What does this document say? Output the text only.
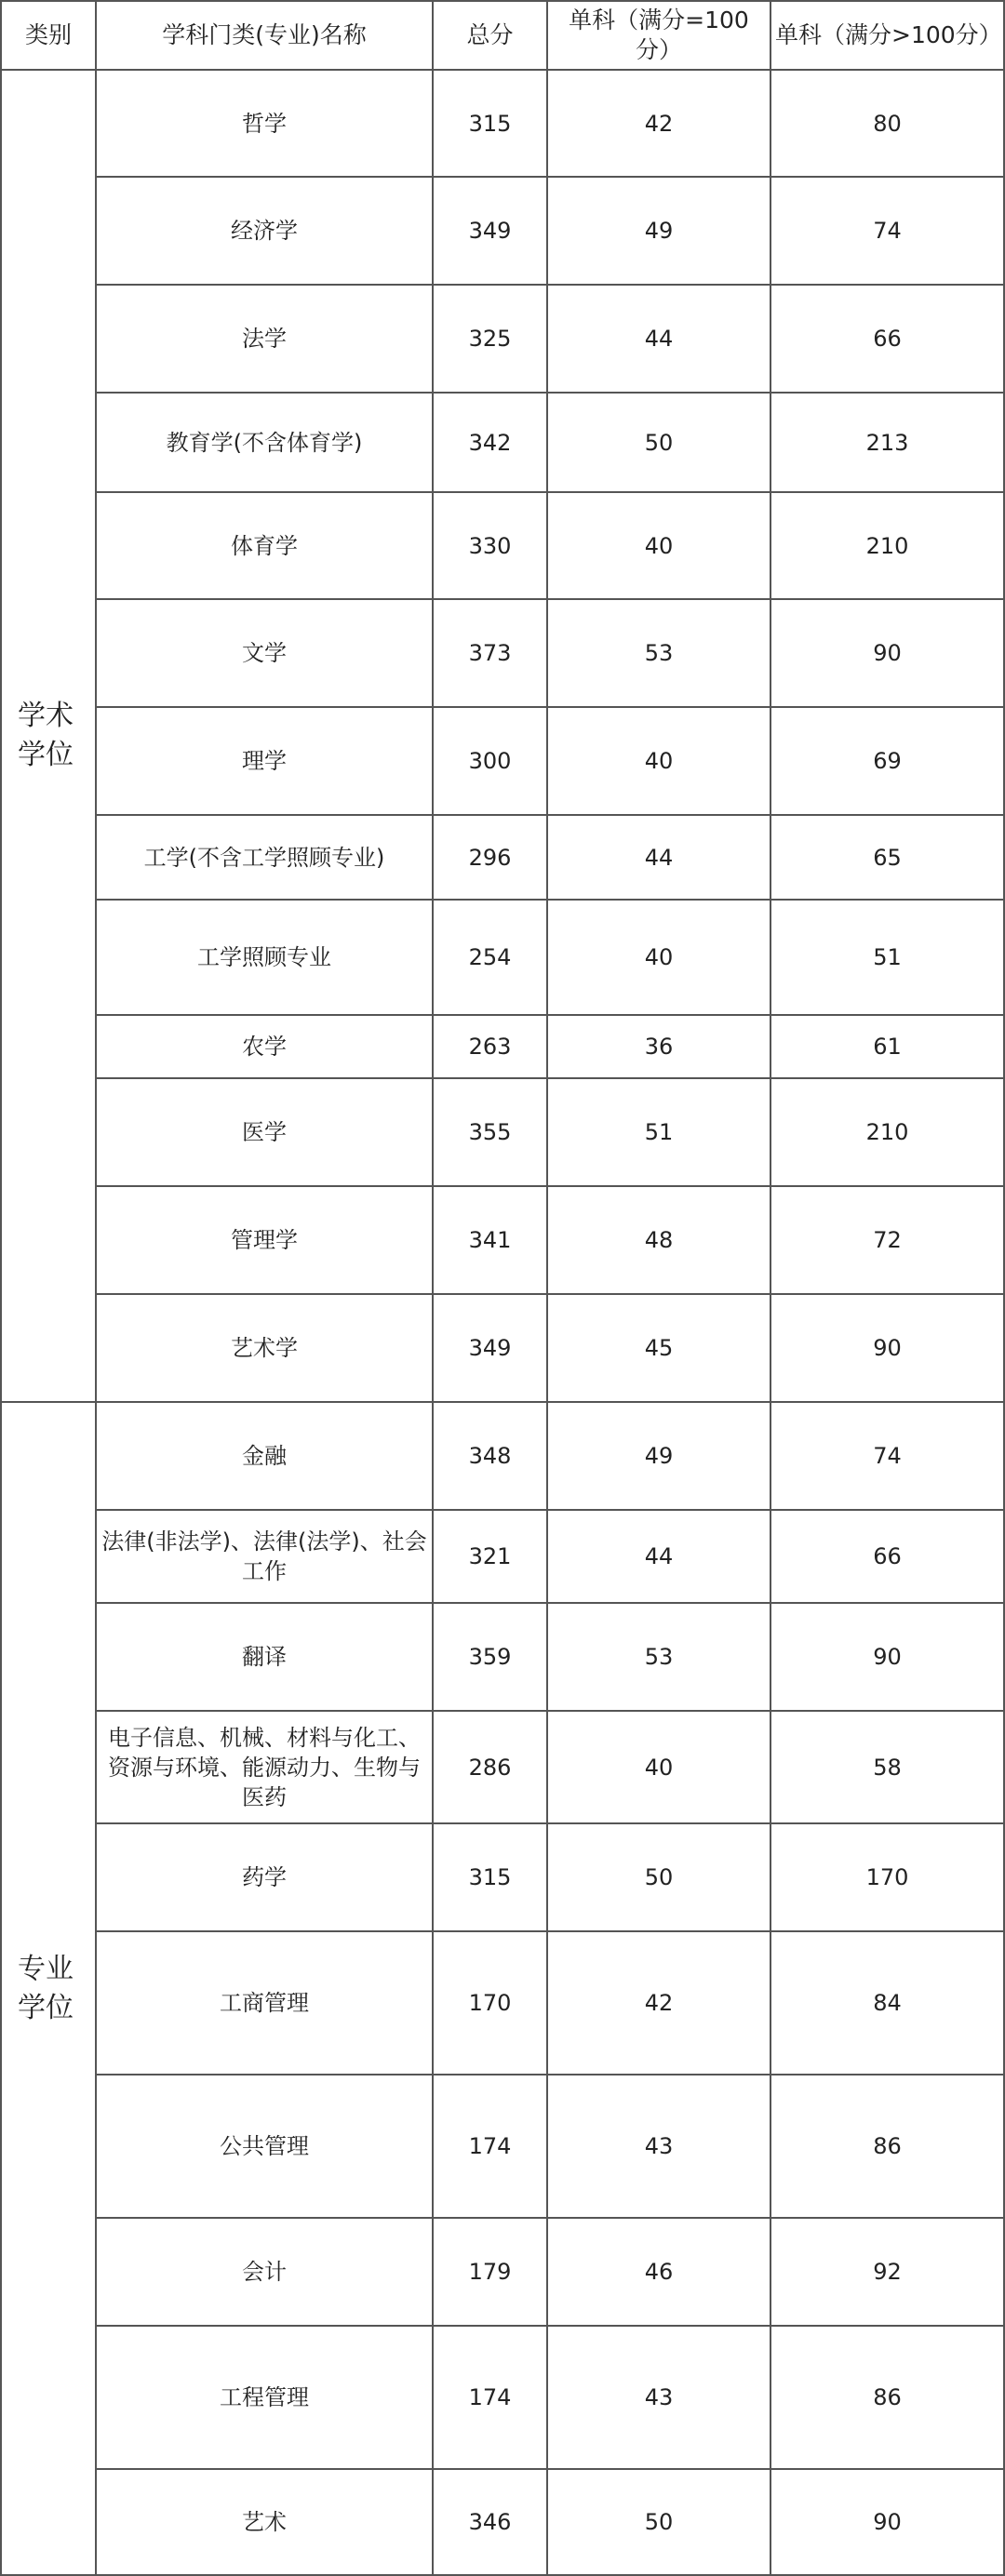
类别	学科门类(专业)名称	总分	单科（满分=100分）	单科（满分>100分）
学术学位	哲学	315	42	80
	经济学	349	49	74
	法学	325	44	66
	教育学(不含体育学)	342	50	213
	体育学	330	40	210
	文学	373	53	90
	理学	300	40	69
	工学(不含工学照顾专业)	296	44	65
	工学照顾专业	254	40	51
	农学	263	36	61
	医学	355	51	210
	管理学	341	48	72
	艺术学	349	45	90
专业学位	金融	348	49	74
	法律(非法学)、法律(法学)、社会工作	321	44	66
	翻译	359	53	90
	电子信息、机械、材料与化工、资源与环境、能源动力、生物与医药	286	40	58
	药学	315	50	170
	工商管理	170	42	84
	公共管理	174	43	86
	会计	179	46	92
	工程管理	174	43	86
	艺术	346	50	90
